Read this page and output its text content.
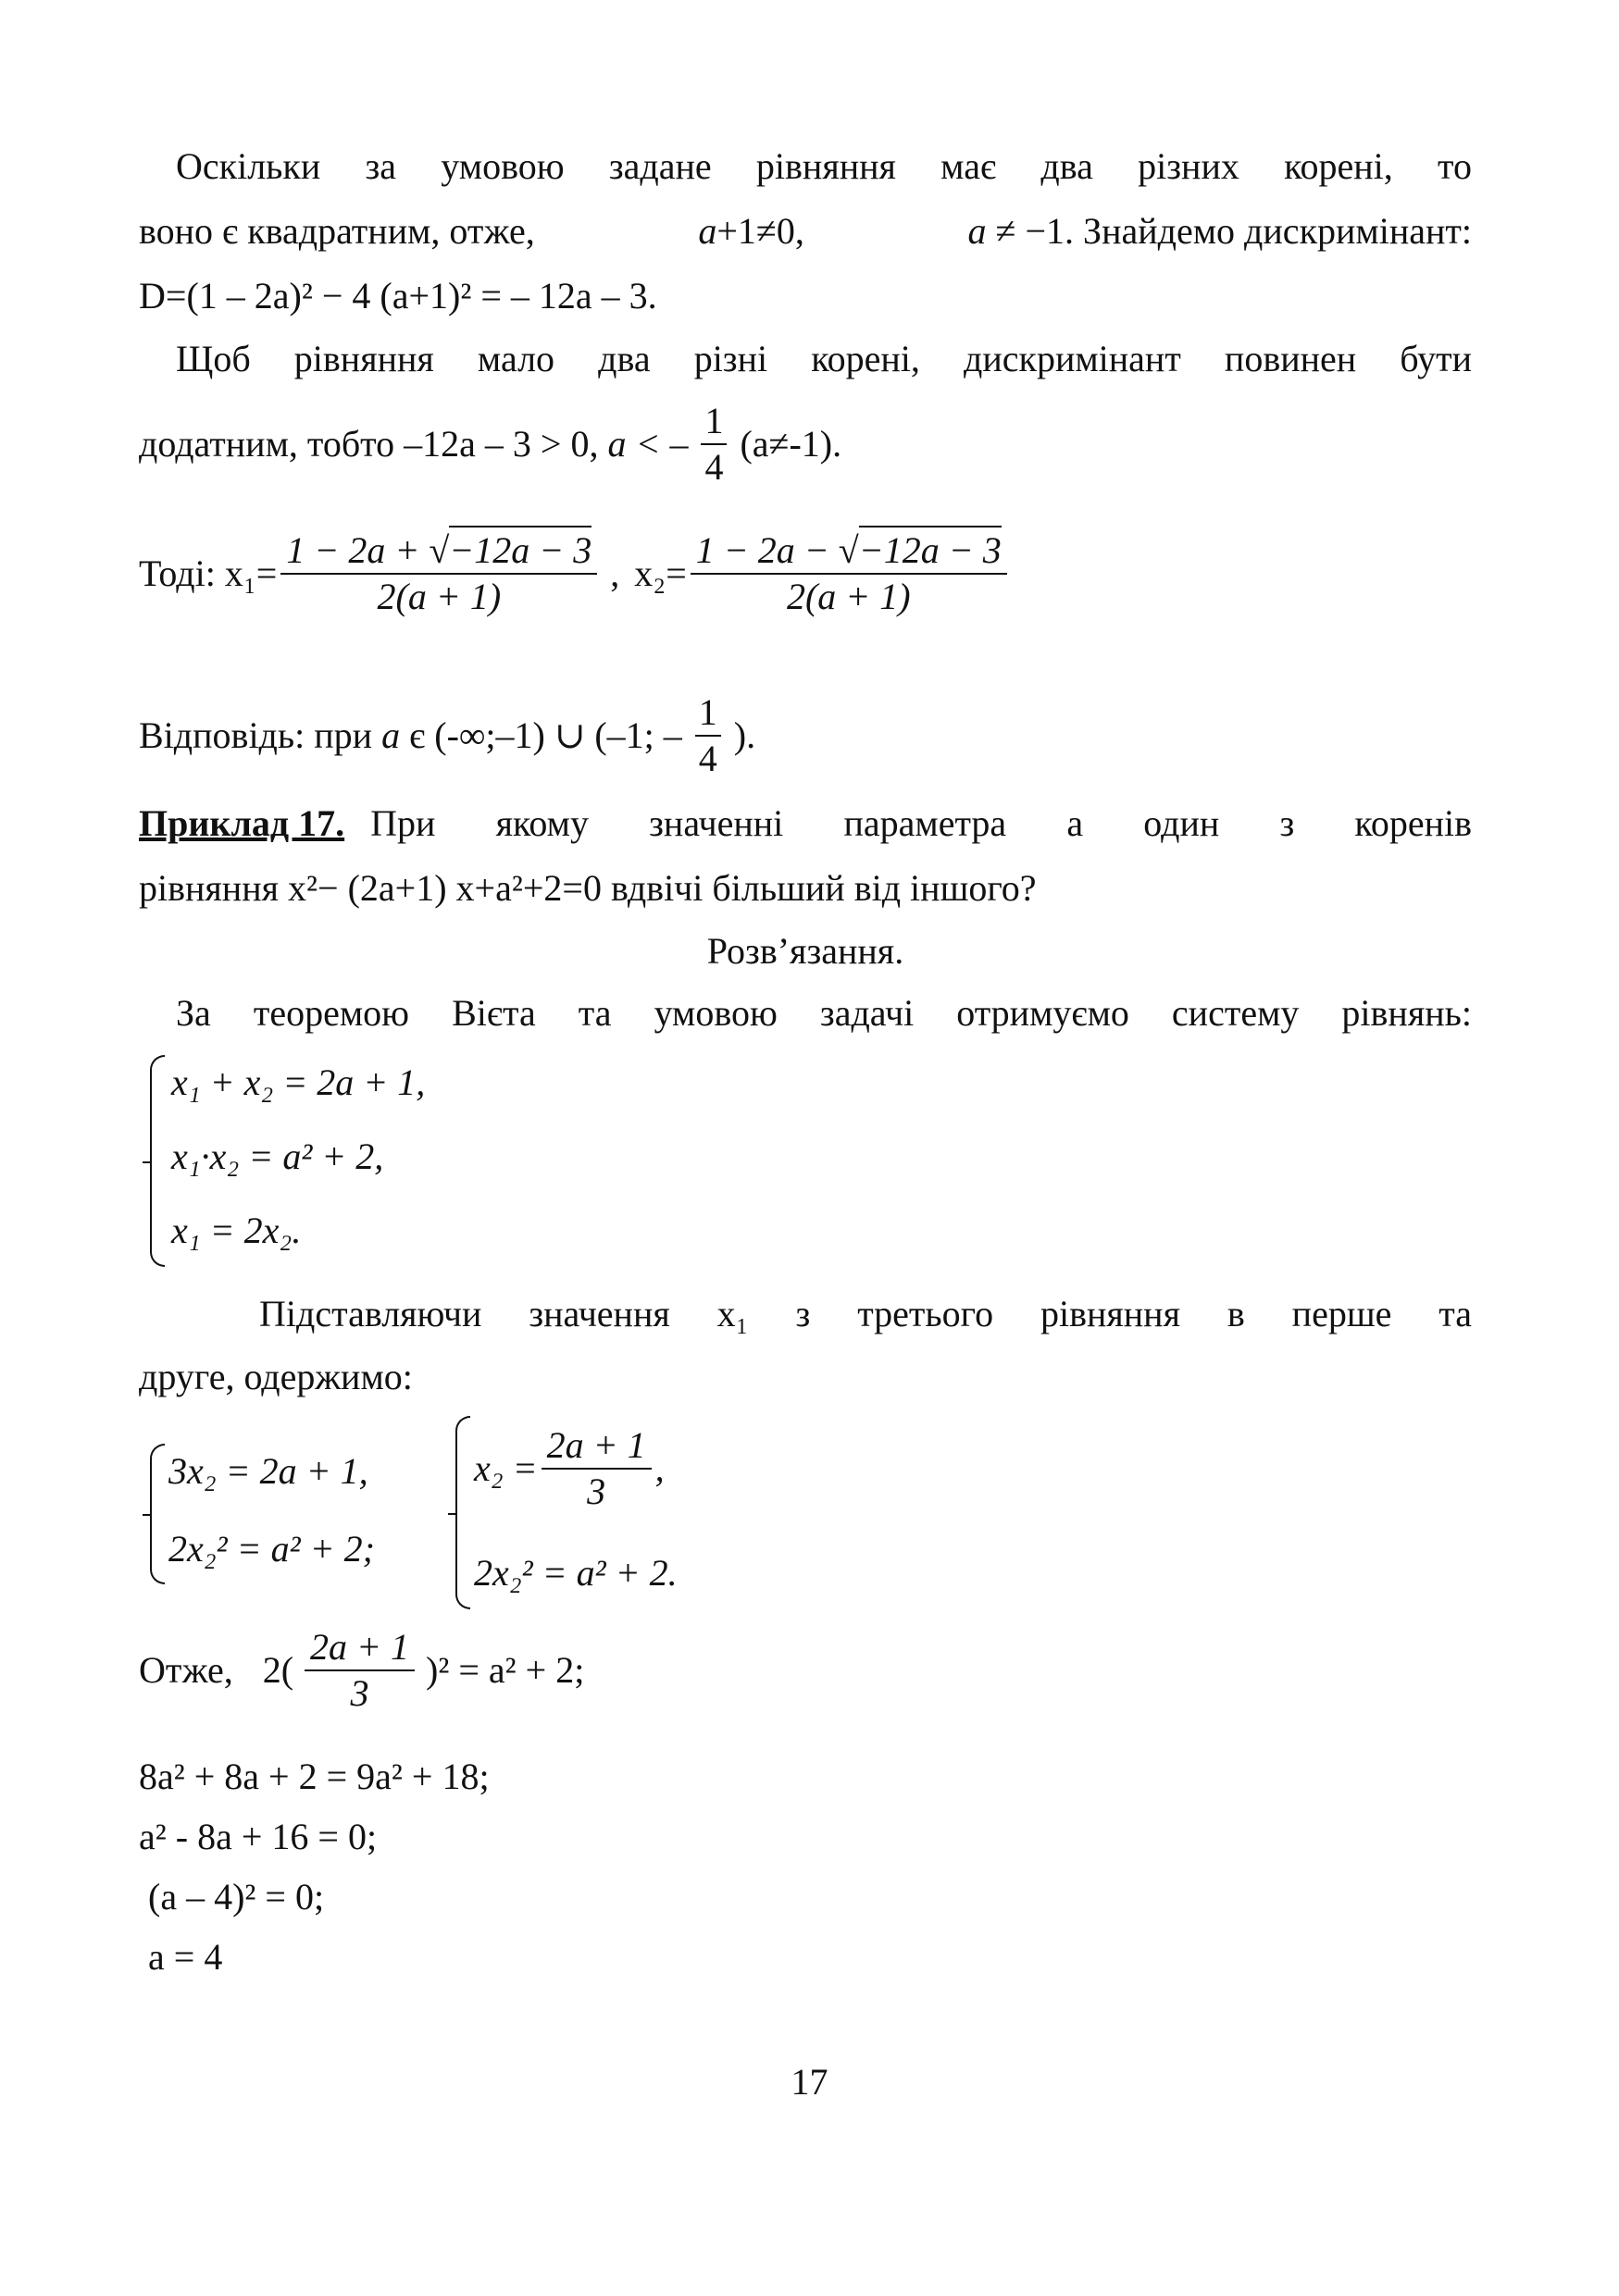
Оскільки за умовою задане рівняння має два різних корені, то
воно є квадратним, отже,	a+1≠0,	a ≠ −1. Знайдемо дискримінант:
D=(1 – 2a)² − 4 (a+1)² = – 12a – 3.
Щоб рівняння мало два різні корені, дискримінант повинен бути
додатним, тобто –12a – 3 > 0, a < – $\frac{1}{4} (a\ne-1)$.
Тоді: $x_1= \frac{1 - 2a + √-12a - 3}{2(a + 1)}$ , $x_2= \frac{1 - 2a - √-12a - 3}{2(a + 1)}$
Відповідь: при a є (-∞;–1) ∪ (–1; – $\frac{1}{4}$ ).
Приклад 17. При якому значенні параметра a один з коренів
рівняння x²− (2a+1) x+a²+2=0 вдвічі більший від іншого?
Розв’язання.
За теоремою Вієта та умовою задачі отримуємо систему рівнянь:
x₁ + x₂ = 2a + 1,
x₁·x₂ = a² + 2,
x₁ = 2x₂.
Підставляючи значення x₁ з третього рівняння в перше та
друге, одержимо:
3x₂ = 2a + 1,
2x₂² = a² + 2;
$x_2 = \frac{2a + 1}{3}$ ,
2x₂² = a² + 2.
Отже, $2( \frac{2a + 1}{3} )^2 = a^2 + 2$;
8a² + 8a + 2 = 9a² + 18;
a² - 8a + 16 = 0;
(a – 4)² = 0;
a = 4
17
